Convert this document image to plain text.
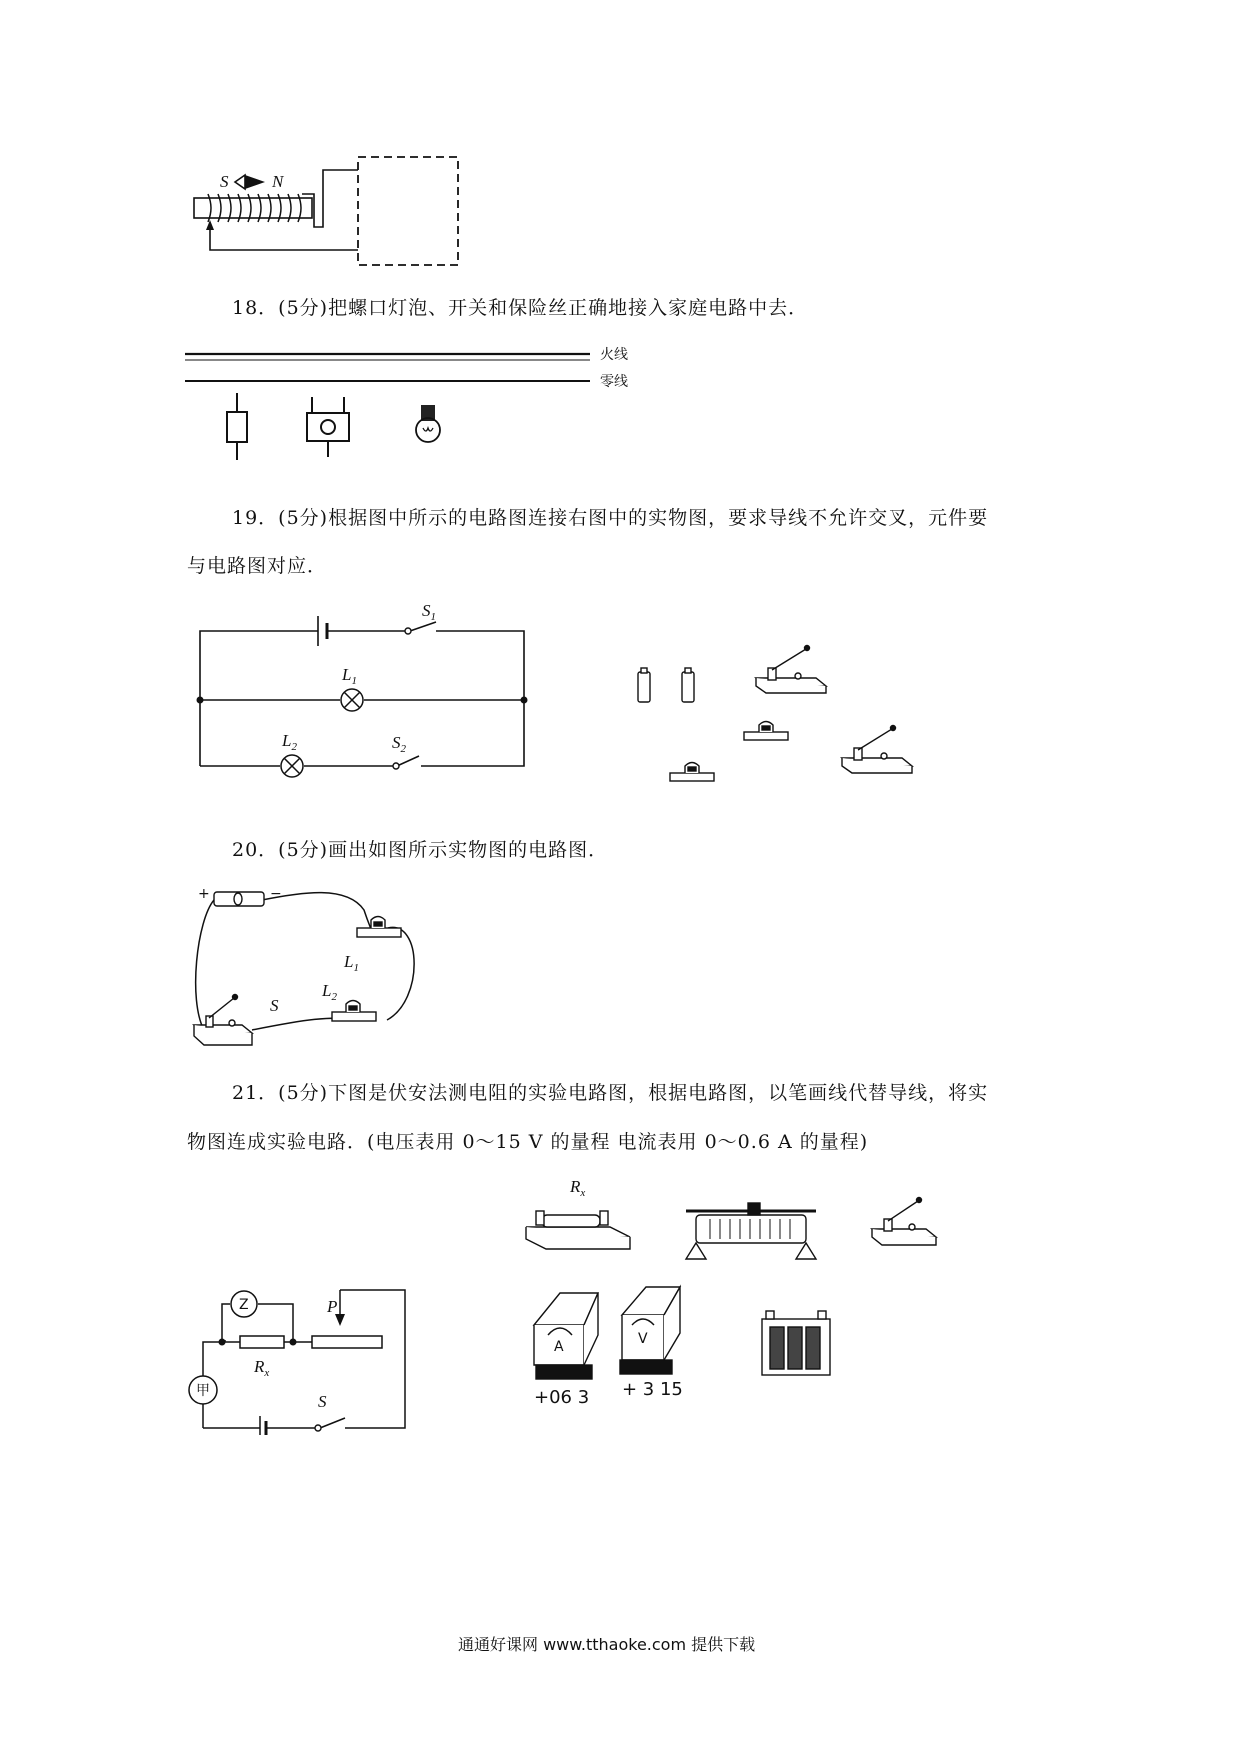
S	N
18．(5分)把螺口灯泡、开关和保险丝正确地接入家庭电路中去．
火线
零线
19．(5分)根据图中所示的电路图连接右图中的实物图，要求导线不允许交叉，元件要
与电路图对应．
$S_1$
$L_1$
$L_2$	$S_2$
20．(5分)画出如图所示实物图的电路图．
+	−
$L_1$
$L_2$
S
21．(5分)下图是伏安法测电阻的实验电路图，根据电路图，以笔画线代替导线，将实
物图连成实验电路．(电压表用 0～15 V 的量程 电流表用 0～0.6 A 的量程)
Z
甲
$R_x$
P
S
$R_x$
A
+06 3
V
+ 3 15
通通好课网 www.tthaoke.com 提供下载
